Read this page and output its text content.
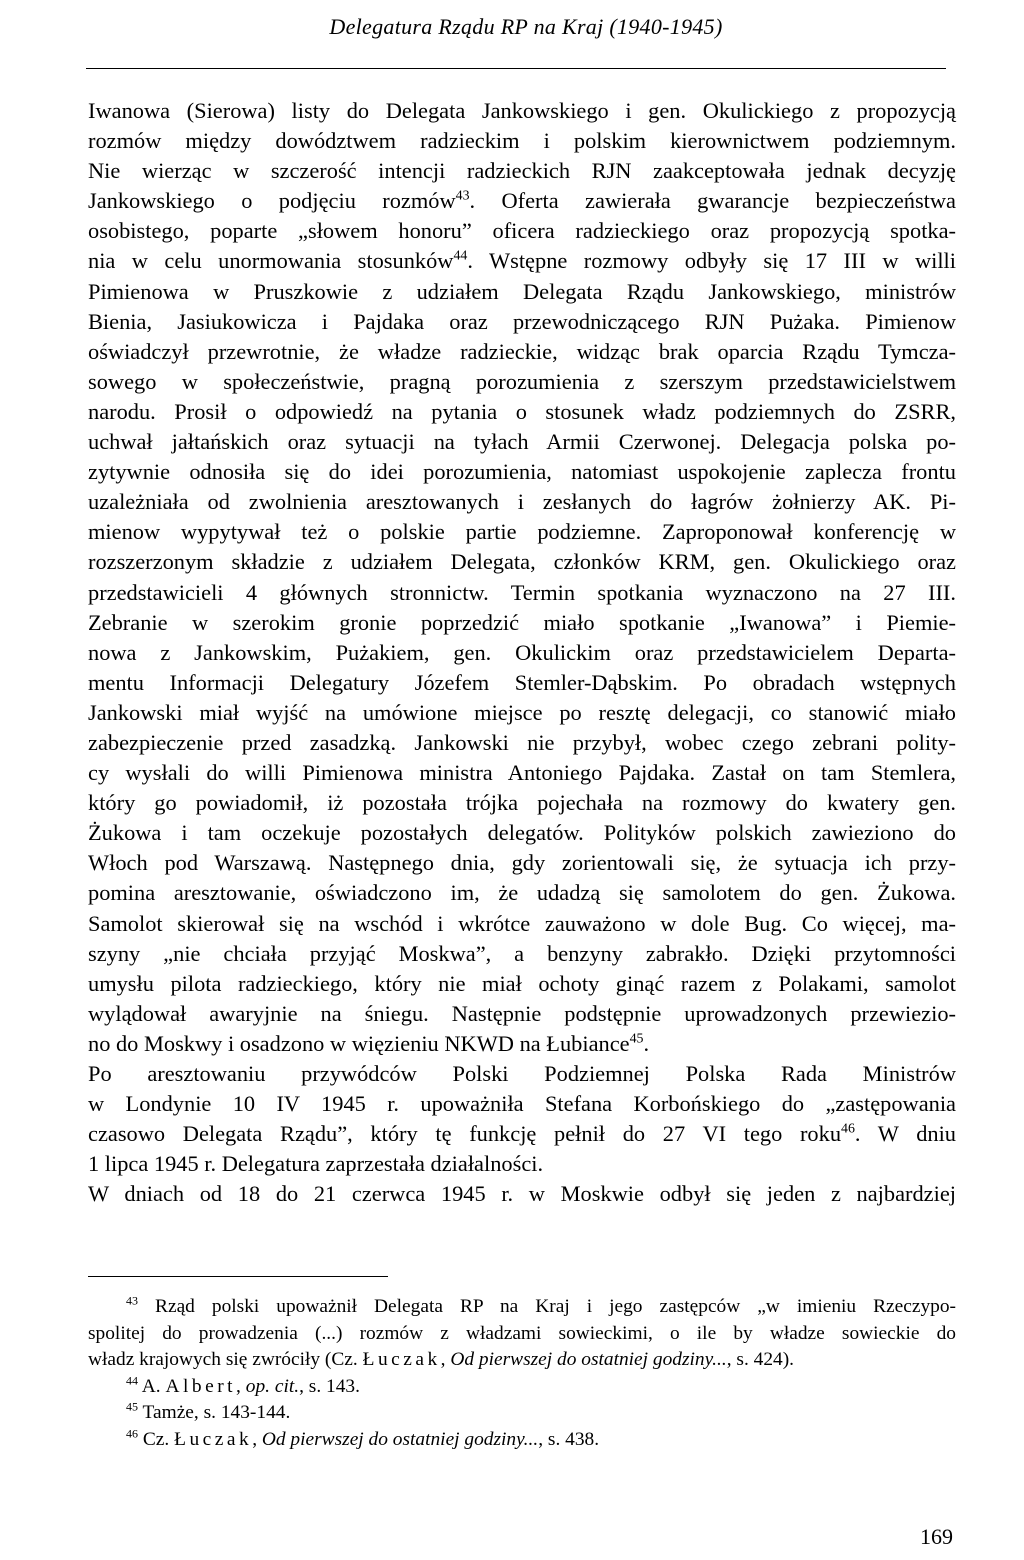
Delegatura Rządu RP na Kraj (1940-1945)
Iwanowa (Sierowa) listy do Delegata Jankowskiego i gen. Okulickiego z propozycją
rozmów między dowództwem radzieckim i polskim kierownictwem podziemnym.
Nie wierząc w szczerość intencji radzieckich RJN zaakceptowała jednak decyzję
Jankowskiego o podjęciu rozmów$^{43}$. Oferta zawierała gwarancje bezpieczeństwa
osobistego, poparte „słowem honoru” oficera radzieckiego oraz propozycją spotka-
nia w celu unormowania stosunków$^{44}$. Wstępne rozmowy odbyły się 17 III w willi
Pimienowa w Pruszkowie z udziałem Delegata Rządu Jankowskiego, ministrów
Bienia, Jasiukowicza i Pajdaka oraz przewodniczącego RJN Pużaka. Pimienow
oświadczył przewrotnie, że władze radzieckie, widząc brak oparcia Rządu Tymcza-
sowego w społeczeństwie, pragną porozumienia z szerszym przedstawicielstwem
narodu. Prosił o odpowiedź na pytania o stosunek władz podziemnych do ZSRR,
uchwał jałtańskich oraz sytuacji na tyłach Armii Czerwonej. Delegacja polska po-
zytywnie odnosiła się do idei porozumienia, natomiast uspokojenie zaplecza frontu
uzależniała od zwolnienia aresztowanych i zesłanych do łagrów żołnierzy AK. Pi-
mienow wypytywał też o polskie partie podziemne. Zaproponował konferencję w
rozszerzonym składzie z udziałem Delegata, członków KRM, gen. Okulickiego oraz
przedstawicieli 4 głównych stronnictw. Termin spotkania wyznaczono na 27 III.
Zebranie w szerokim gronie poprzedzić miało spotkanie „Iwanowa” i Piemie-
nowa z Jankowskim, Pużakiem, gen. Okulickim oraz przedstawicielem Departa-
mentu Informacji Delegatury Józefem Stemler-Dąbskim. Po obradach wstępnych
Jankowski miał wyjść na umówione miejsce po resztę delegacji, co stanowić miało
zabezpieczenie przed zasadzką. Jankowski nie przybył, wobec czego zebrani polity-
cy wysłali do willi Pimienowa ministra Antoniego Pajdaka. Zastał on tam Stemlera,
który go powiadomił, iż pozostała trójka pojechała na rozmowy do kwatery gen.
Żukowa i tam oczekuje pozostałych delegatów. Polityków polskich zawieziono do
Włoch pod Warszawą. Następnego dnia, gdy zorientowali się, że sytuacja ich przy-
pomina aresztowanie, oświadczono im, że udadzą się samolotem do gen. Żukowa.
Samolot skierował się na wschód i wkrótce zauważono w dole Bug. Co więcej, ma-
szyny „nie chciała przyjąć Moskwa”, a benzyny zabrakło. Dzięki przytomności
umysłu pilota radzieckiego, który nie miał ochoty ginąć razem z Polakami, samolot
wylądował awaryjnie na śniegu. Następnie podstępnie uprowadzonych przewiezio-
no do Moskwy i osadzono w więzieniu NKWD na Łubiance$^{45}$.
Po aresztowaniu przywódców Polski Podziemnej Polska Rada Ministrów
w Londynie 10 IV 1945 r. upoważniła Stefana Korbońskiego do „zastępowania
czasowo Delegata Rządu”, który tę funkcję pełnił do 27 VI tego roku$^{46}$. W dniu
1 lipca 1945 r. Delegatura zaprzestała działalności.
W dniach od 18 do 21 czerwca 1945 r. w Moskwie odbył się jeden z najbardziej
$^{43}$ Rząd polski upoważnił Delegata RP na Kraj i jego zastępców „w imieniu Rzeczypo-
spolitej do prowadzenia (...) rozmów z władzami sowieckimi, o ile by władze sowieckie do
władz krajowych się zwróciły (Cz. Łuczak, Od pierwszej do ostatniej godziny..., s. 424).
$^{44}$ A. Albert, op. cit., s. 143.
$^{45}$ Tamże, s. 143-144.
$^{46}$ Cz. Łuczak, Od pierwszej do ostatniej godziny..., s. 438.
169
